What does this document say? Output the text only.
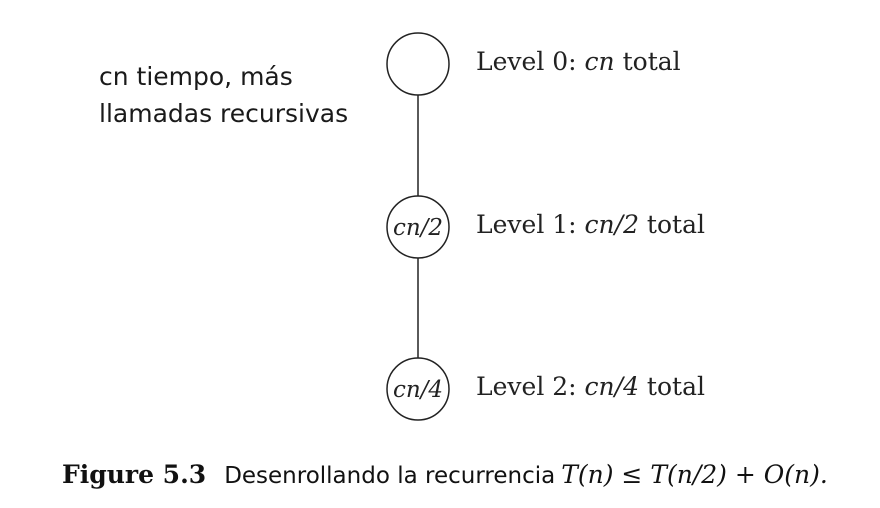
cn tiempo, más
llamadas recursivas
cn/2
cn/4
Level 0: cn total
Level 1: cn/2 total
Level 2: cn/4 total
Figure 5.3 Desenrollando la recurrencia T(n) ≤ T(n/2) + O(n).
